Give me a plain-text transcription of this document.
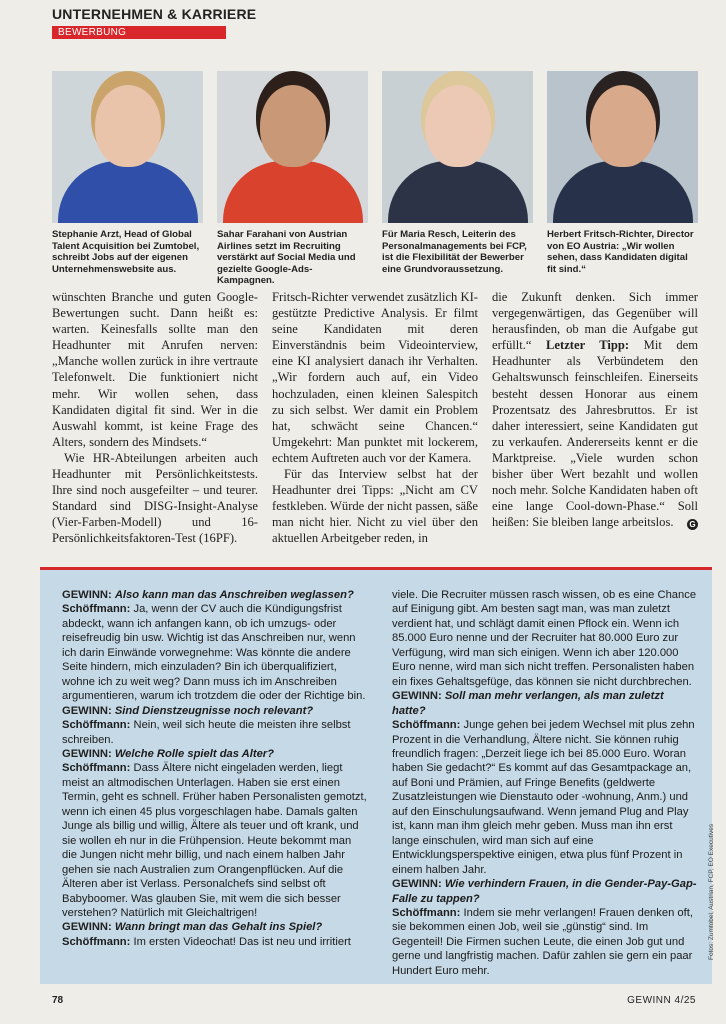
UNTERNEHMEN & KARRIERE
BEWERBUNG
Stephanie Arzt, Head of Global Talent Acquisition bei Zumtobel, schreibt Jobs auf der eigenen Unternehmenswebsite aus.
Sahar Farahani von Austrian Airlines setzt im Recruiting verstärkt auf Social Media und gezielte Google-Ads-Kampagnen.
Für Maria Resch, Leiterin des Personalmanagements bei FCP, ist die Flexibilität der Bewerber eine Grundvoraussetzung.
Herbert Fritsch-Richter, Director von EO Austria: „Wir wollen sehen, dass Kandidaten digital fit sind.“

wünschten Branche und guten Google-Bewertungen sucht. Dann heißt es: warten. Keinesfalls sollte man den Headhunter mit Anrufen nerven: „Manche wollen zurück in ihre vertraute Telefonwelt. Die funktioniert nicht mehr. Wir wollen sehen, dass Kandidaten digital fit sind. Wer in die Auswahl kommt, ist keine Frage des Alters, sondern des Mindsets.“

Wie HR-Abteilungen arbeiten auch Headhunter mit Persönlichkeitstests. Ihre sind noch ausgefeilter – und teurer. Standard sind DISG-Insight-Analyse (Vier-Farben-Modell) und 16-Persönlichkeitsfaktoren-Test (16PF).

Fritsch-Richter verwendet zusätzlich KI-gestützte Predictive Analysis. Er filmt seine Kandidaten mit deren Einverständnis beim Videointerview, eine KI analysiert danach ihr Verhalten. „Wir fordern auch auf, ein Video hochzuladen, einen kleinen Salespitch zu sich selbst. Wer damit ein Problem hat, schwächt seine Chancen.“ Umgekehrt: Man punktet mit lockerem, echtem Auftreten auch vor der Kamera.

Für das Interview selbst hat der Headhunter drei Tipps: „Nicht am CV festkleben. Würde der nicht passen, säße man nicht hier. Nicht zu viel über den aktuellen Arbeitgeber reden, in

die Zukunft denken. Sich immer vergegenwärtigen, das Gegenüber will herausfinden, ob man die Aufgabe gut erfüllt.“ Letzter Tipp: Mit dem Headhunter als Verbündetem den Gehaltswunsch feinschleifen. Einerseits besteht dessen Honorar aus einem Prozentsatz des Jahresbruttos. Er ist daher interessiert, seine Kandidaten gut zu verkaufen. Andererseits kennt er die Marktpreise. „Viele wurden schon bisher über Wert bezahlt und wollen noch mehr. Solche Kandidaten haben oft eine lange Cool-down-Phase.“ Soll heißen: Sie bleiben lange arbeitslos. G

GEWINN: Also kann man das Anschreiben weglassen?

Schöffmann: Ja, wenn der CV auch die Kündigungsfrist abdeckt, wann ich anfangen kann, ob ich umzugs- oder reisefreudig bin usw. Wichtig ist das Anschreiben nur, wenn ich darin Einwände vorwegnehme: Was könnte die andere Seite hindern, mich einzuladen? Bin ich überqualifiziert, wohne ich zu weit weg? Dann muss ich im Anschreiben argumentieren, warum ich trotzdem die oder der Richtige bin.

GEWINN: Sind Dienstzeugnisse noch relevant?

Schöffmann: Nein, weil sich heute die meisten ihre selbst schreiben.

GEWINN: Welche Rolle spielt das Alter?

Schöffmann: Dass Ältere nicht eingeladen werden, liegt meist an altmodischen Unterlagen. Haben sie erst einen Termin, geht es schnell. Früher haben Personalisten gemotzt, wenn ich einen 45 plus vorgeschlagen habe. Damals galten Junge als billig und willig, Ältere als teuer und oft krank, und sie wollen eh nur in die Frühpension. Heute bekommt man die Jungen nicht mehr billig, und nach einem halben Jahr gehen sie nach Australien zum Orangenpflücken. Auf die Älteren aber ist Verlass. Personalchefs sind selbst oft Babyboomer. Was glauben Sie, mit wem die sich besser verstehen? Natürlich mit Gleichaltrigen!

GEWINN: Wann bringt man das Gehalt ins Spiel?

Schöffmann: Im ersten Videochat! Das ist neu und irritiert

viele. Die Recruiter müssen rasch wissen, ob es eine Chance auf Einigung gibt. Am besten sagt man, was man zuletzt verdient hat, und schlägt damit einen Pflock ein. Wenn ich 85.000 Euro nenne und der Recruiter hat 80.000 Euro zur Verfügung, wird man sich einigen. Wenn ich aber 120.000 Euro nenne, wird man sich nicht treffen. Personalisten haben ein fixes Gehaltsgefüge, das können sie nicht durchbrechen.

GEWINN: Soll man mehr verlangen, als man zuletzt hatte?

Schöffmann: Junge gehen bei jedem Wechsel mit plus zehn Prozent in die Verhandlung, Ältere nicht. Sie können ruhig freundlich fragen: „Derzeit liege ich bei 85.000 Euro. Woran haben Sie gedacht?“ Es kommt auf das Gesamtpackage an, auf Boni und Prämien, auf Fringe Benefits (geldwerte Zusatzleistungen wie Dienstauto oder -wohnung, Anm.) und auf den Einschulungsaufwand. Wenn jemand Plug and Play ist, kann man ihm gleich mehr geben. Muss man ihn erst lange einschulen, wird man sich auf eine Entwicklungsperspektive einigen, etwa plus fünf Prozent in einem halben Jahr.

GEWINN: Wie verhindern Frauen, in die Gender-Pay-Gap-Falle zu tappen?

Schöffmann: Indem sie mehr verlangen! Frauen denken oft, sie bekommen einen Job, weil sie „günstig“ sind. Im Gegenteil! Die Firmen suchen Leute, die einen Job gut und gerne und langfristig machen. Dafür zahlen sie gern ein paar Hundert Euro mehr.

Fotos: Zumtobel, Austrian, FCP, EO Executives
78	GEWINN 4/25
